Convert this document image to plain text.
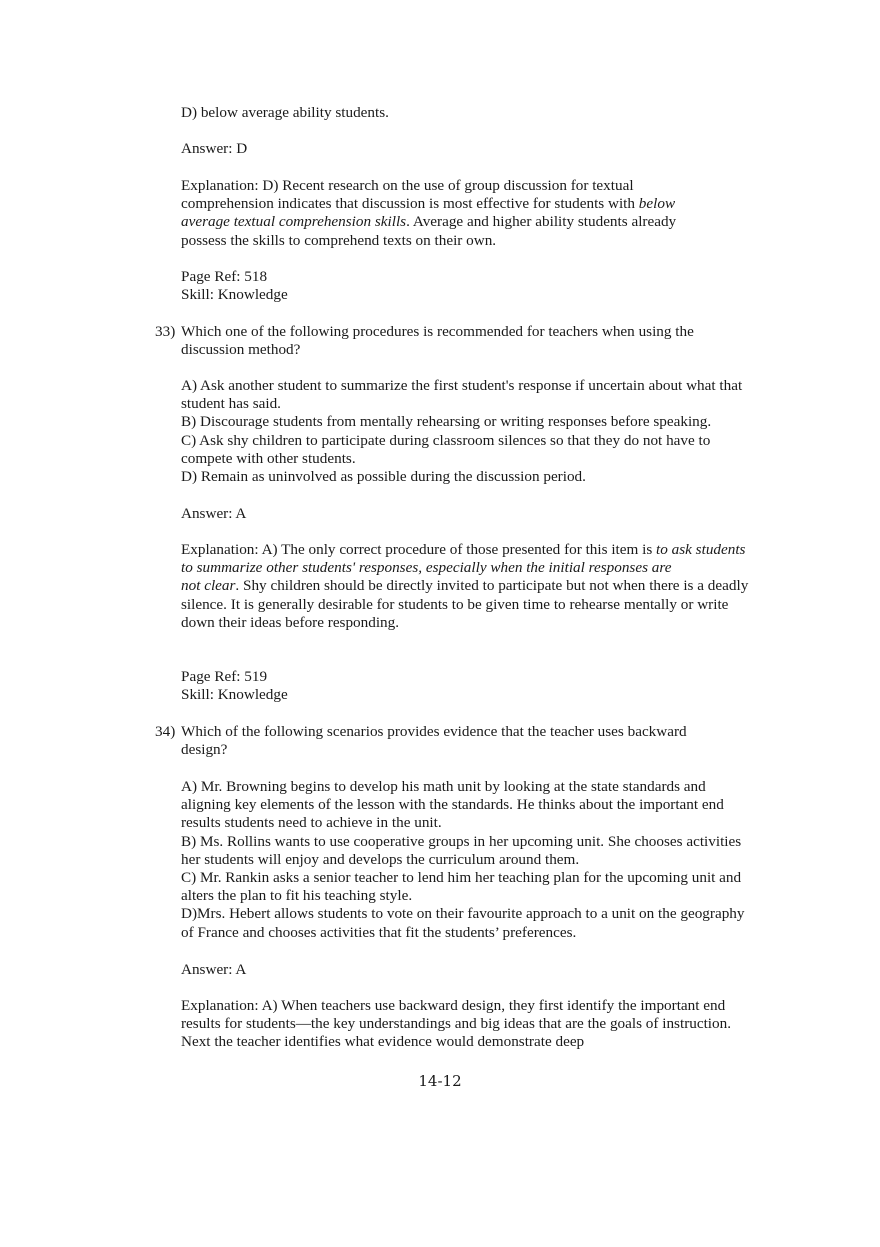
D) below average ability students.

Answer: D

Explanation: D) Recent research on the use of group discussion for textual comprehension indicates that discussion is most effective for students with below average textual comprehension skills. Average and higher ability students already possess the skills to comprehend texts on their own.

Page Ref: 518

Skill: Knowledge

33) Which one of the following procedures is recommended for teachers when using the discussion method?

A) Ask another student to summarize the first student's response if uncertain about what that student has said.

B) Discourage students from mentally rehearsing or writing responses before speaking.

C) Ask shy children to participate during classroom silences so that they do not have to compete with other students.

D) Remain as uninvolved as possible during the discussion period.

Answer: A

Explanation: A) The only correct procedure of those presented for this item is to ask students to summarize other students' responses, especially when the initial responses are

not clear. Shy children should be directly invited to participate but not when there is a deadly silence. It is generally desirable for students to be given time to rehearse mentally or write down their ideas before responding.

Page Ref: 519

Skill: Knowledge

34) Which of the following scenarios provides evidence that the teacher uses backward design?

A) Mr. Browning begins to develop his math unit by looking at the state standards and aligning key elements of the lesson with the standards. He thinks about the important end results students need to achieve in the unit.

B) Ms. Rollins wants to use cooperative groups in her upcoming unit. She chooses activities her students will enjoy and develops the curriculum around them.

C) Mr. Rankin asks a senior teacher to lend him her teaching plan for the upcoming unit and alters the plan to fit his teaching style.

D)Mrs. Hebert allows students to vote on their favourite approach to a unit on the geography of France and chooses activities that fit the students’ preferences.

Answer: A

Explanation: A) When teachers use backward design, they first identify the important end results for students—the key understandings and big ideas that are the goals of instruction. Next the teacher identifies what evidence would demonstrate deep

14-12
